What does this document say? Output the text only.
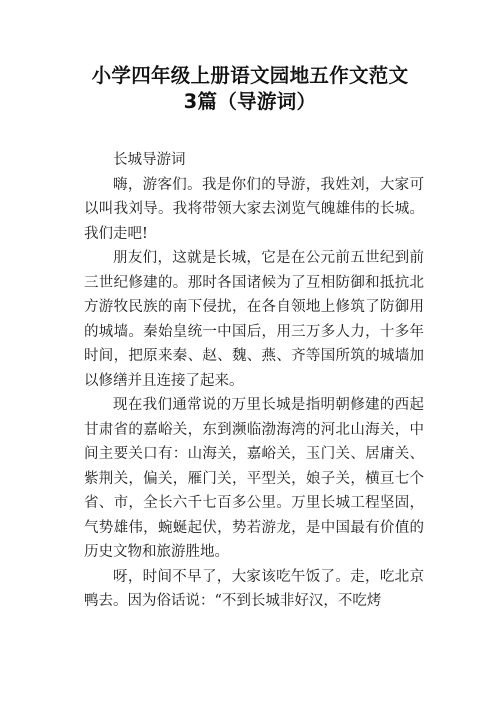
小学四年级上册语文园地五作文范文
3篇（导游词）

长城导游词

嗨，游客们。我是你们的导游，我姓刘，大家可以叫我刘导。我将带领大家去浏览气魄雄伟的长城。我们走吧!

朋友们，这就是长城，它是在公元前五世纪到前三世纪修建的。那时各国诸候为了互相防御和抵抗北方游牧民族的南下侵扰，在各自领地上修筑了防御用的城墙。秦始皇统一中国后，用三万多人力，十多年时间，把原来秦、赵、魏、燕、齐等国所筑的城墙加以修缮并且连接了起来。

现在我们通常说的万里长城是指明朝修建的西起甘肃省的嘉峪关，东到濒临渤海湾的河北山海关，中间主要关口有：山海关，嘉峪关，玉门关、居庸关、紫荆关，偏关，雁门关，平型关，娘子关，横亘七个省、市，全长六千七百多公里。万里长城工程坚固，气势雄伟，蜿蜒起伏，势若游龙，是中国最有价值的历史文物和旅游胜地。

呀，时间不早了，大家该吃午饭了。走，吃北京鸭去。因为俗话说：“不到长城非好汉，不吃烤
